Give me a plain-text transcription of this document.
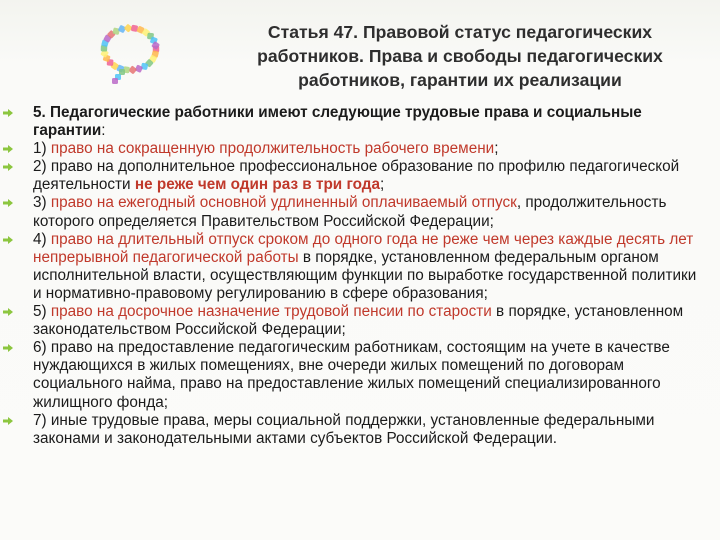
Статья 47. Правовой статус педагогических
работников. Права и свободы педагогических
работников, гарантии их реализации
5. Педагогические работники имеют следующие трудовые права и социальные гарантии:
1) право на сокращенную продолжительность рабочего времени;
2) право на дополнительное профессиональное образование по профилю педагогической деятельности не реже чем один раз в три года;
3) право на ежегодный основной удлиненный оплачиваемый отпуск, продолжительность которого определяется Правительством Российской Федерации;
4) право на длительный отпуск сроком до одного года не реже чем через каждые десять лет непрерывной педагогической работы в порядке, установленном федеральным органом исполнительной власти, осуществляющим функции по выработке государственной политики и нормативно-правовому регулированию в сфере образования;
5) право на досрочное назначение трудовой пенсии по старости в порядке, установленном законодательством Российской Федерации;
6) право на предоставление педагогическим работникам, состоящим на учете в качестве нуждающихся в жилых помещениях, вне очереди жилых помещений по договорам социального найма, право на предоставление жилых помещений специализированного жилищного фонда;
7) иные трудовые права, меры социальной поддержки, установленные федеральными законами и законодательными актами субъектов Российской Федерации.
